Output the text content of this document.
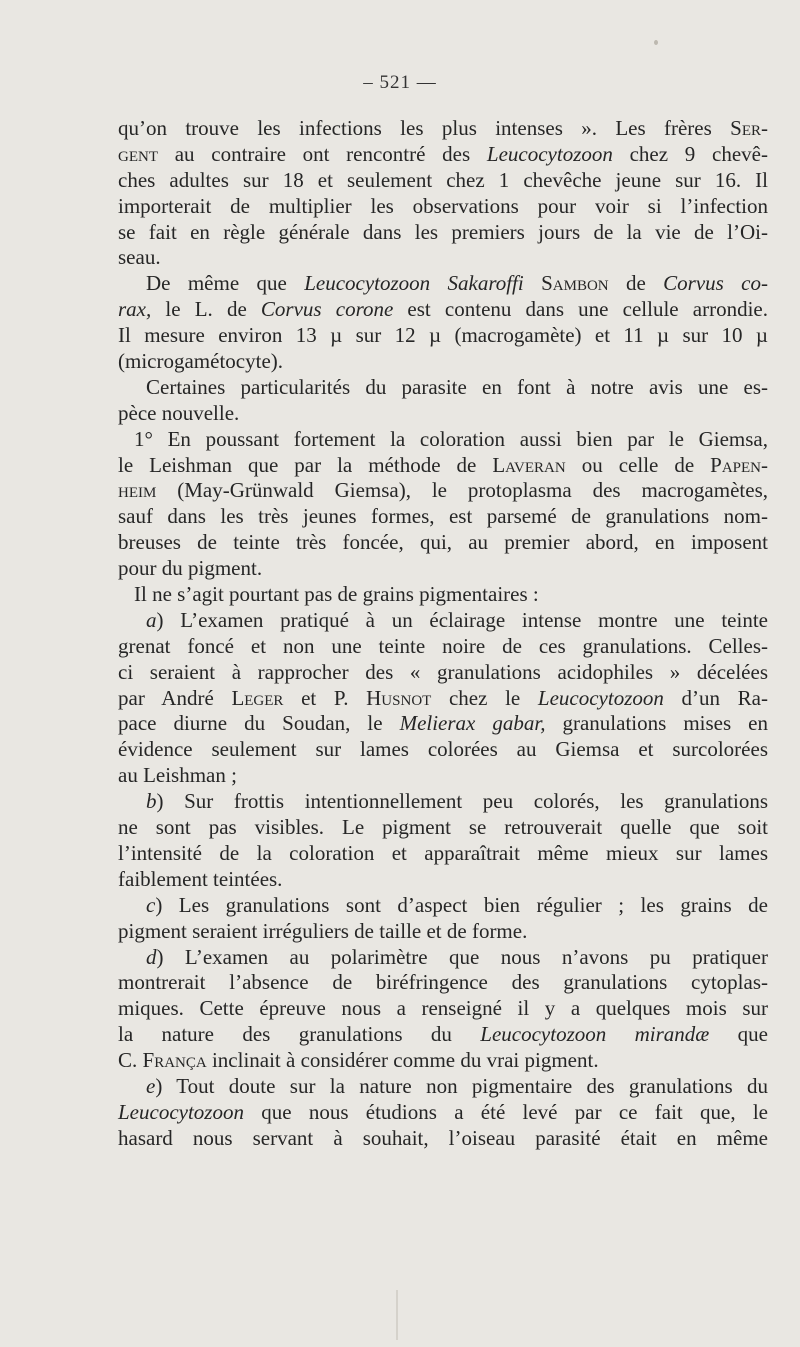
– 521 —
qu’on trouve les infections les plus intenses ». Les frères Ser-
gent au contraire ont rencontré des Leucocytozoon chez 9 chevê-
ches adultes sur 18 et seulement chez 1 chevêche jeune sur 16. Il
importerait de multiplier les observations pour voir si l’infection
se fait en règle générale dans les premiers jours de la vie de l’Oi-
seau.
De même que Leucocytozoon Sakaroffi Sambon de Corvus co-
rax, le L. de Corvus corone est contenu dans une cellule arrondie.
Il mesure environ 13 µ sur 12 µ (macrogamète) et 11 µ sur 10 µ
(microgamétocyte).
Certaines particularités du parasite en font à notre avis une es-
pèce nouvelle.
1° En poussant fortement la coloration aussi bien par le Giemsa,
le Leishman que par la méthode de Laveran ou celle de Papen-
heim (May-Grünwald Giemsa), le protoplasma des macrogamètes,
sauf dans les très jeunes formes, est parsemé de granulations nom-
breuses de teinte très foncée, qui, au premier abord, en imposent
pour du pigment.
Il ne s’agit pourtant pas de grains pigmentaires :
a) L’examen pratiqué à un éclairage intense montre une teinte
grenat foncé et non une teinte noire de ces granulations. Celles-
ci seraient à rapprocher des « granulations acidophiles » décelées
par André Leger et P. Husnot chez le Leucocytozoon d’un Ra-
pace diurne du Soudan, le Melierax gabar, granulations mises en
évidence seulement sur lames colorées au Giemsa et surcolorées
au Leishman ;
b) Sur frottis intentionnellement peu colorés, les granulations
ne sont pas visibles. Le pigment se retrouverait quelle que soit
l’intensité de la coloration et apparaîtrait même mieux sur lames
faiblement teintées.
c) Les granulations sont d’aspect bien régulier ; les grains de
pigment seraient irréguliers de taille et de forme.
d) L’examen au polarimètre que nous n’avons pu pratiquer
montrerait l’absence de biréfringence des granulations cytoplas-
miques. Cette épreuve nous a renseigné il y a quelques mois sur
la nature des granulations du Leucocytozoon mirandæ que
C. França inclinait à considérer comme du vrai pigment.
e) Tout doute sur la nature non pigmentaire des granulations du
Leucocytozoon que nous étudions a été levé par ce fait que, le
hasard nous servant à souhait, l’oiseau parasité était en même
